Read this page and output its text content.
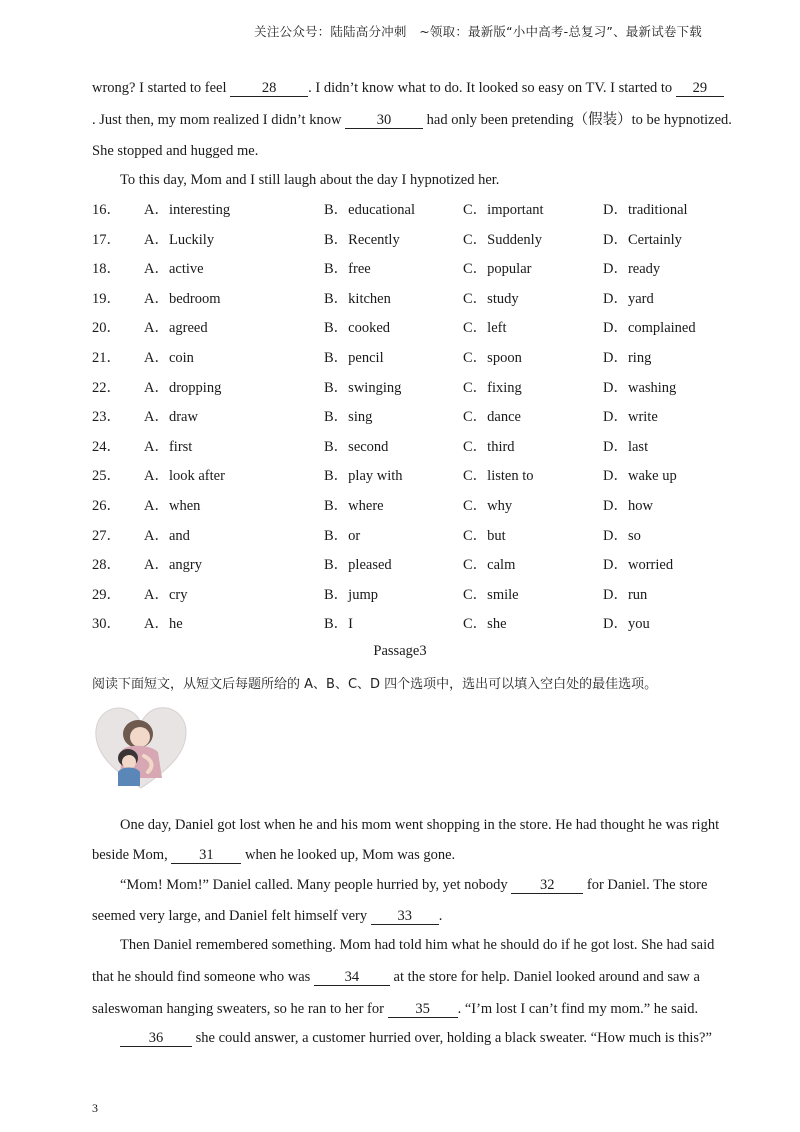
关注公众号：陆陆高分冲刺　~领取：最新版“小中高考-总复习”、最新试卷下载
wrong? I started to feel 28 . I didn’t know what to do. It looked so easy on TV. I started to 29
. Just then, my mom realized I didn’t know 30 had only been pretending（假装）to be hypnotized.
She stopped and hugged me.
To this day, Mom and I still laugh about the day I hypnotized her.
16． A．interesting	B．educational	C．important	D．traditional
17． A．Luckily	B．Recently	C．Suddenly	D．Certainly
18． A．active	B．free	C．popular	D．ready
19． A．bedroom	B．kitchen	C．study	D．yard
20． A．agreed	B．cooked	C．left	D．complained
21． A．coin	B．pencil	C．spoon	D．ring
22． A．dropping	B．swinging	C．fixing	D．washing
23． A．draw	B．sing	C．dance	D．write
24． A．first	B．second	C．third	D．last
25． A．look after	B．play with	C．listen to	D．wake up
26． A．when	B．where	C．why	D．how
27． A．and	B．or	C．but	D．so
28． A．angry	B．pleased	C．calm	D．worried
29． A．cry	B．jump	C．smile	D．run
30． A．he	B．I	C．she	D．you
Passage3
阅读下面短文，从短文后每题所给的 A、B、C、D 四个选项中，选出可以填入空白处的最佳选项。
One day, Daniel got lost when he and his mom went shopping in the store. He had thought he was right
beside Mom, 31 when he looked up, Mom was gone.
“Mom! Mom!” Daniel called. Many people hurried by, yet nobody 32 for Daniel. The store
seemed very large, and Daniel felt himself very 33 .
Then Daniel remembered something. Mom had told him what he should do if he got lost. She had said
that he should find someone who was 34 at the store for help. Daniel looked around and saw a
saleswoman hanging sweaters, so he ran to her for 35 . “I’m lost I can’t find my mom.” he said.
36 she could answer, a customer hurried over, holding a black sweater. “How much is this?”
3
